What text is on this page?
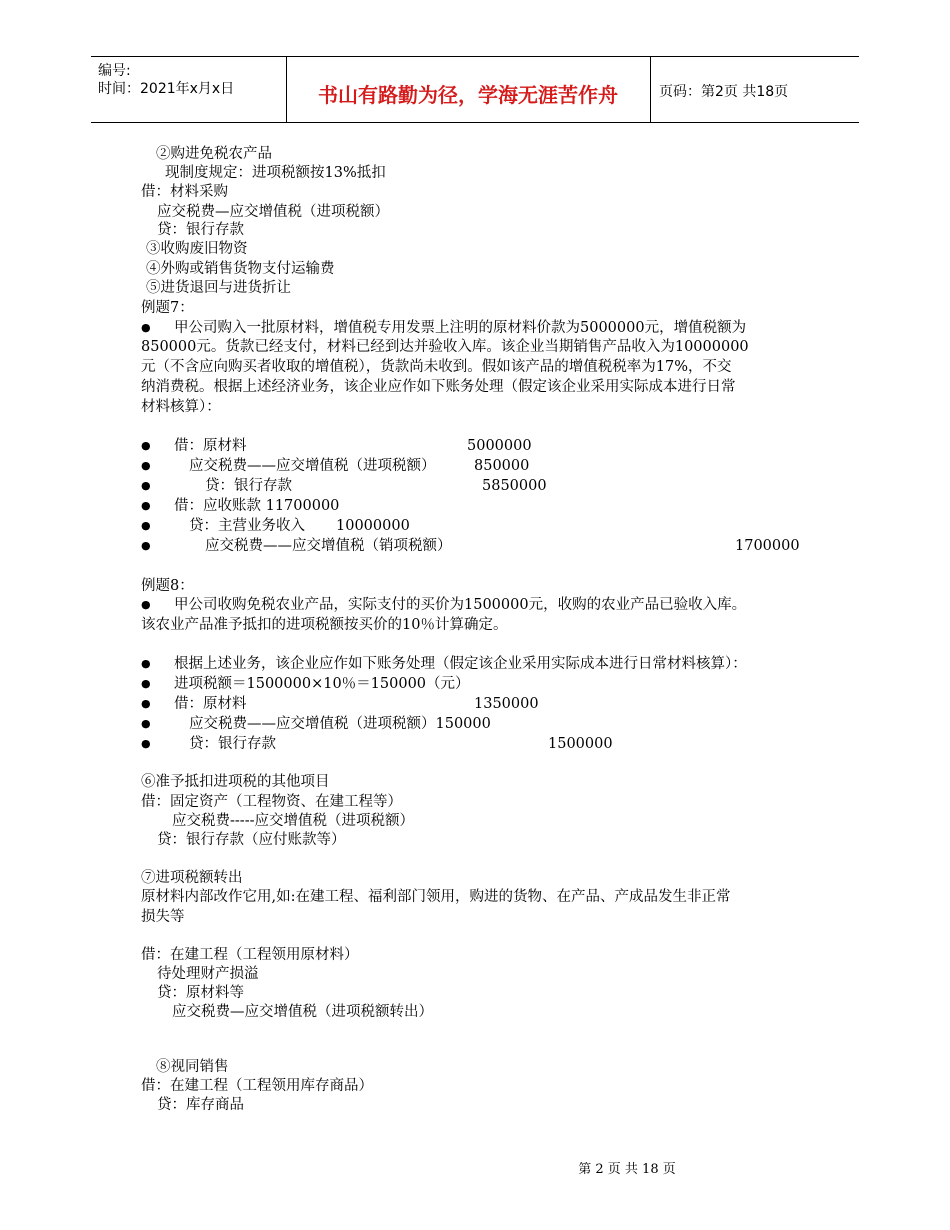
编号:
时间：2021年x月x日	书山有路勤为径，学海无涯苦作舟	页码：第2页 共18页
②购进免税农产品
现制度规定：进项税额按13%抵扣
借：材料采购
应交税费—应交增值税（进项税额）
贷：银行存款
③收购废旧物资
④外购或销售货物支付运输费
⑤进货退回与进货折让
例题7：
● 甲公司购入一批原材料，增值税专用发票上注明的原材料价款为5000000元，增值税额为
850000元。货款已经支付，材料已经到达并验收入库。该企业当期销售产品收入为10000000
元（不含应向购买者收取的增值税），货款尚未收到。假如该产品的增值税税率为17%，不交
纳消费税。根据上述经济业务，该企业应作如下账务处理（假定该企业采用实际成本进行日常
材料核算）：
● 借：原材料	5000000
●	应交税费——应交增值税（进项税额）	850000
●	贷：银行存款	5850000
● 借：应收账款 11700000
●	贷：主营业务收入 10000000
●	应交税费——应交增值税（销项税额）	1700000
例题8：
● 甲公司收购免税农业产品，实际支付的买价为1500000元，收购的农业产品已验收入库。
该农业产品准予抵扣的进项税额按买价的10％计算确定。
● 根据上述业务，该企业应作如下账务处理（假定该企业采用实际成本进行日常材料核算）：
● 进项税额＝1500000×10％＝150000（元）
● 借：原材料	1350000
●	应交税费——应交增值税（进项税额）150000
●	贷：银行存款	1500000
⑥准予抵扣进项税的其他项目
借：固定资产（工程物资、在建工程等）
应交税费-----应交增值税（进项税额）
贷：银行存款（应付账款等）
⑦进项税额转出
原材料内部改作它用,如:在建工程、福利部门领用，购进的货物、在产品、产成品发生非正常
损失等
借：在建工程（工程领用原材料）
待处理财产损溢
贷：原材料等
应交税费—应交增值税（进项税额转出）
⑧视同销售
借：在建工程（工程领用库存商品）
贷：库存商品
第 2 页 共 18 页
